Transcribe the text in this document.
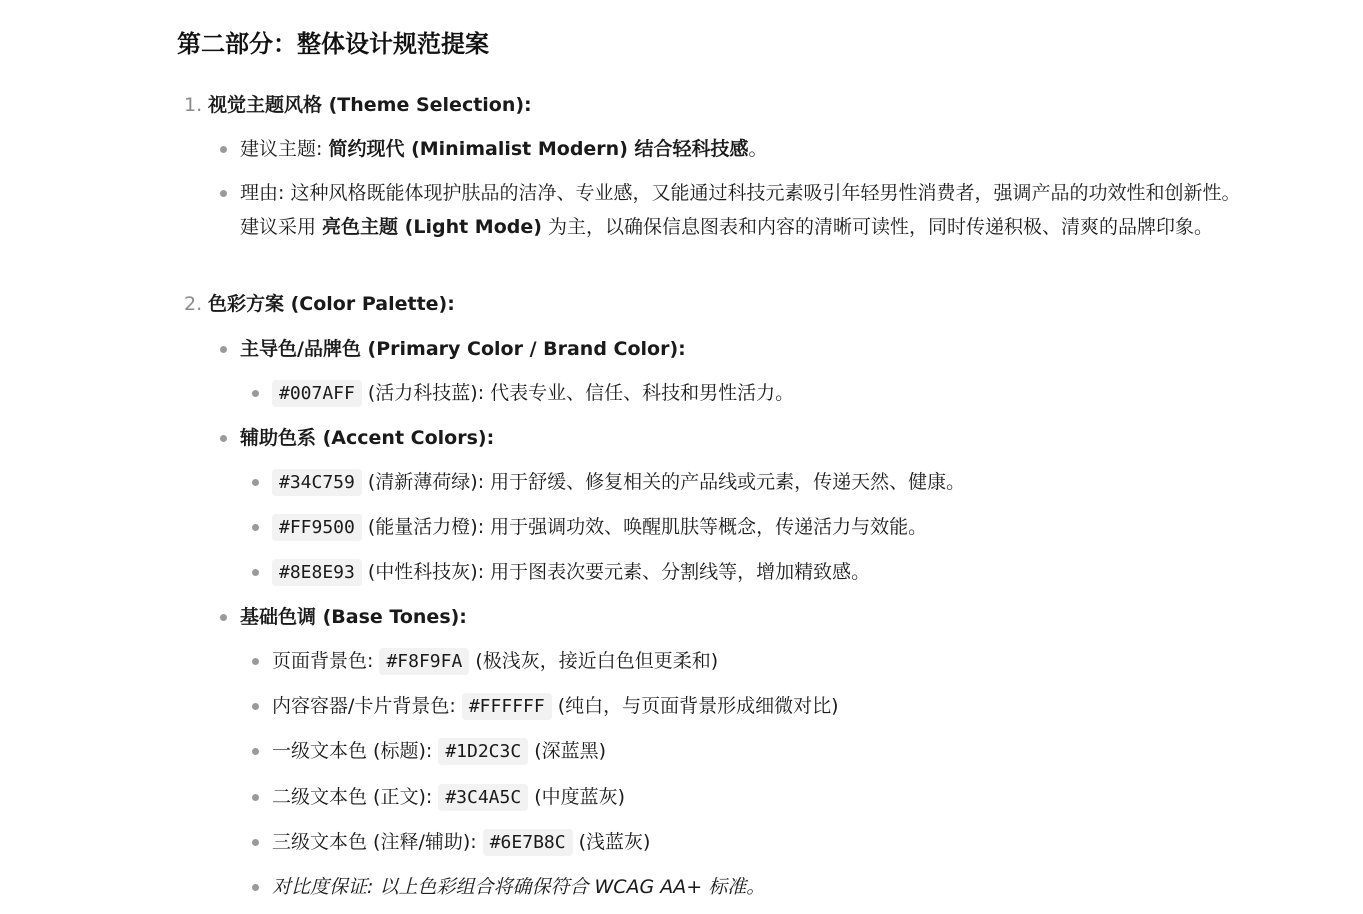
第二部分：整体设计规范提案
1. 视觉主题风格 (Theme Selection):
建议主题: 简约现代 (Minimalist Modern) 结合轻科技感。
理由: 这种风格既能体现护肤品的洁净、专业感，又能通过科技元素吸引年轻男性消费者，强调产品的功效性和创新性。建议采用 亮色主题 (Light Mode) 为主，以确保信息图表和内容的清晰可读性，同时传递积极、清爽的品牌印象。
2. 色彩方案 (Color Palette):
主导色/品牌色 (Primary Color / Brand Color):
#007AFF (活力科技蓝): 代表专业、信任、科技和男性活力。
辅助色系 (Accent Colors):
#34C759 (清新薄荷绿): 用于舒缓、修复相关的产品线或元素，传递天然、健康。
#FF9500 (能量活力橙): 用于强调功效、唤醒肌肤等概念，传递活力与效能。
#8E8E93 (中性科技灰): 用于图表次要元素、分割线等，增加精致感。
基础色调 (Base Tones):
页面背景色: #F8F9FA (极浅灰，接近白色但更柔和)
内容容器/卡片背景色: #FFFFFF (纯白，与页面背景形成细微对比)
一级文本色 (标题): #1D2C3C (深蓝黑)
二级文本色 (正文): #3C4A5C (中度蓝灰)
三级文本色 (注释/辅助): #6E7B8C (浅蓝灰)
对比度保证: 以上色彩组合将确保符合 WCAG AA+ 标准。
